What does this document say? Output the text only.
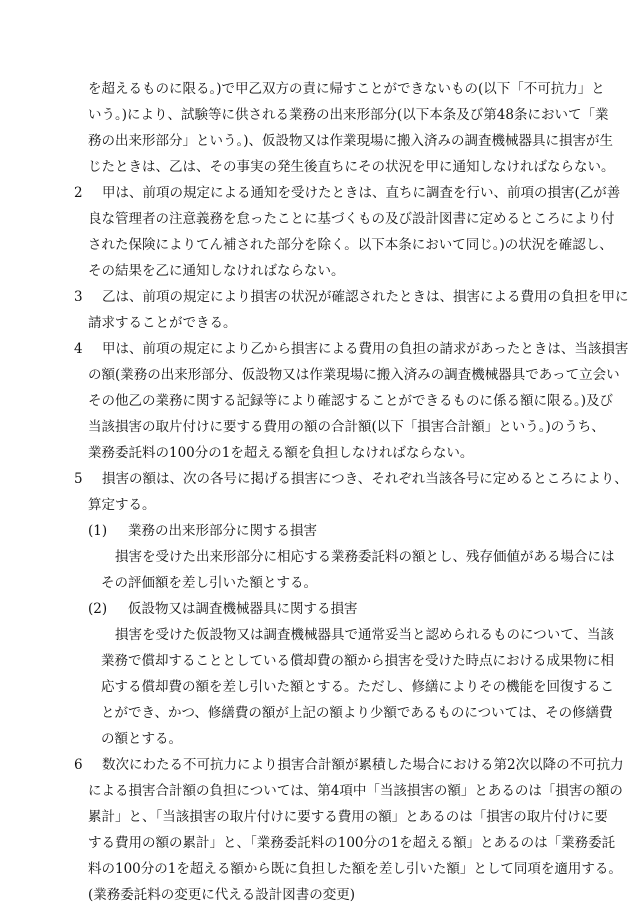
を超えるものに限る。)で甲乙双方の責に帰すことができないもの(以下「不可抗力」と
いう。)により、試験等に供される業務の出来形部分(以下本条及び第48条において「業
務の出来形部分」という。)、仮設物又は作業現場に搬入済みの調査機械器具に損害が生
じたときは、乙は、その事実の発生後直ちにその状況を甲に通知しなければならない。
2 甲は、前項の規定による通知を受けたときは、直ちに調査を行い、前項の損害(乙が善
良な管理者の注意義務を怠ったことに基づくもの及び設計図書に定めるところにより付
された保険によりてん補された部分を除く。以下本条において同じ。)の状況を確認し、
その結果を乙に通知しなければならない。
3 乙は、前項の規定により損害の状況が確認されたときは、損害による費用の負担を甲に
請求することができる。
4 甲は、前項の規定により乙から損害による費用の負担の請求があったときは、当該損害
の額(業務の出来形部分、仮設物又は作業現場に搬入済みの調査機械器具であって立会い
その他乙の業務に関する記録等により確認することができるものに係る額に限る。)及び
当該損害の取片付けに要する費用の額の合計額(以下「損害合計額」という。)のうち、
業務委託料の100分の1を超える額を負担しなければならない。
5 損害の額は、次の各号に掲げる損害につき、それぞれ当該各号に定めるところにより、
算定する。
(1) 業務の出来形部分に関する損害
損害を受けた出来形部分に相応する業務委託料の額とし、残存価値がある場合には
その評価額を差し引いた額とする。
(2) 仮設物又は調査機械器具に関する損害
損害を受けた仮設物又は調査機械器具で通常妥当と認められるものについて、当該
業務で償却することとしている償却費の額から損害を受けた時点における成果物に相
応する償却費の額を差し引いた額とする。ただし、修繕によりその機能を回復するこ
とができ、かつ、修繕費の額が上記の額より少額であるものについては、その修繕費
の額とする。
6 数次にわたる不可抗力により損害合計額が累積した場合における第2次以降の不可抗力
による損害合計額の負担については、第4項中「当該損害の額」とあるのは「損害の額の
累計」と、「当該損害の取片付けに要する費用の額」とあるのは「損害の取片付けに要
する費用の額の累計」と、「業務委託料の100分の1を超える額」とあるのは「業務委託
料の100分の1を超える額から既に負担した額を差し引いた額」として同項を適用する。
(業務委託料の変更に代える設計図書の変更)
